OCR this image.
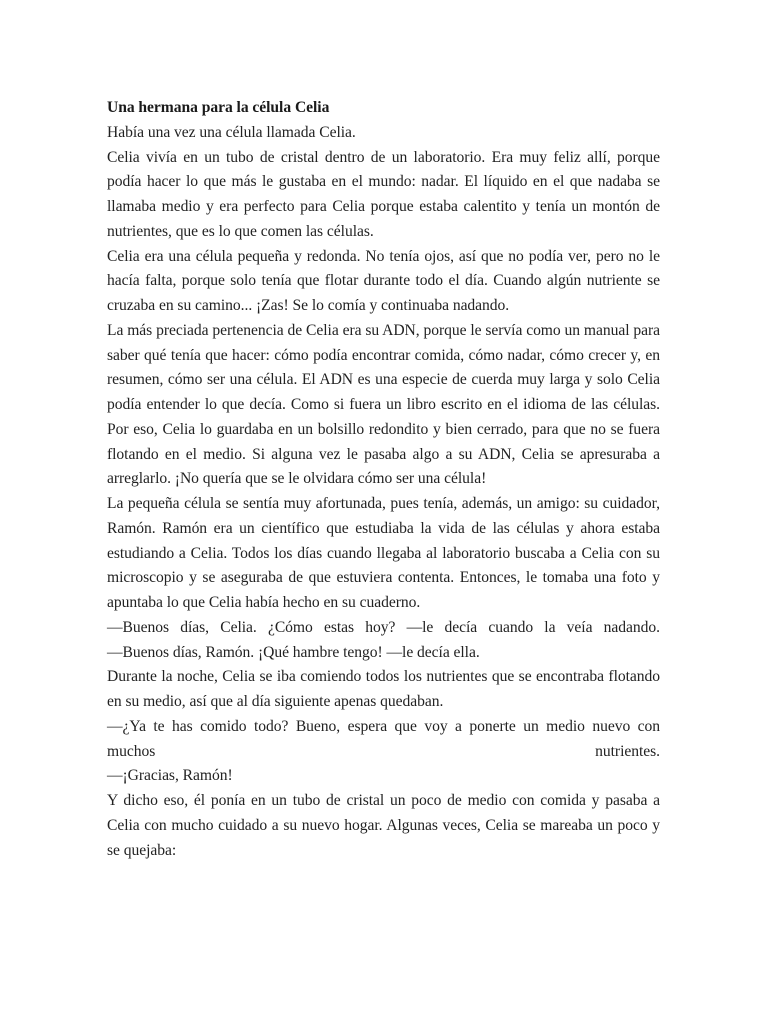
Una hermana para la célula Celia

Había una vez una célula llamada Celia.

Celia vivía en un tubo de cristal dentro de un laboratorio. Era muy feliz allí, porque podía hacer lo que más le gustaba en el mundo: nadar. El líquido en el que nadaba se llamaba medio y era perfecto para Celia porque estaba calentito y tenía un montón de nutrientes, que es lo que comen las células.

Celia era una célula pequeña y redonda. No tenía ojos, así que no podía ver, pero no le hacía falta, porque solo tenía que flotar durante todo el día. Cuando algún nutriente se cruzaba en su camino... ¡Zas! Se lo comía y continuaba nadando.

La más preciada pertenencia de Celia era su ADN, porque le servía como un manual para saber qué tenía que hacer: cómo podía encontrar comida, cómo nadar, cómo crecer y, en resumen, cómo ser una célula. El ADN es una especie de cuerda muy larga y solo Celia podía entender lo que decía. Como si fuera un libro escrito en el idioma de las células. Por eso, Celia lo guardaba en un bolsillo redondito y bien cerrado, para que no se fuera flotando en el medio. Si alguna vez le pasaba algo a su ADN, Celia se apresuraba a arreglarlo. ¡No quería que se le olvidara cómo ser una célula!

La pequeña célula se sentía muy afortunada, pues tenía, además, un amigo: su cuidador, Ramón. Ramón era un científico que estudiaba la vida de las células y ahora estaba estudiando a Celia. Todos los días cuando llegaba al laboratorio buscaba a Celia con su microscopio y se aseguraba de que estuviera contenta. Entonces, le tomaba una foto y apuntaba lo que Celia había hecho en su cuaderno.

—Buenos días, Celia. ¿Cómo estas hoy? —le decía cuando la veía nadando.

—Buenos días, Ramón. ¡Qué hambre tengo! —le decía ella.

Durante la noche, Celia se iba comiendo todos los nutrientes que se encontraba flotando en su medio, así que al día siguiente apenas quedaban.

—¿Ya te has comido todo? Bueno, espera que voy a ponerte un medio nuevo con muchos nutrientes.

—¡Gracias, Ramón!

Y dicho eso, él ponía en un tubo de cristal un poco de medio con comida y pasaba a Celia con mucho cuidado a su nuevo hogar. Algunas veces, Celia se mareaba un poco y se quejaba:
